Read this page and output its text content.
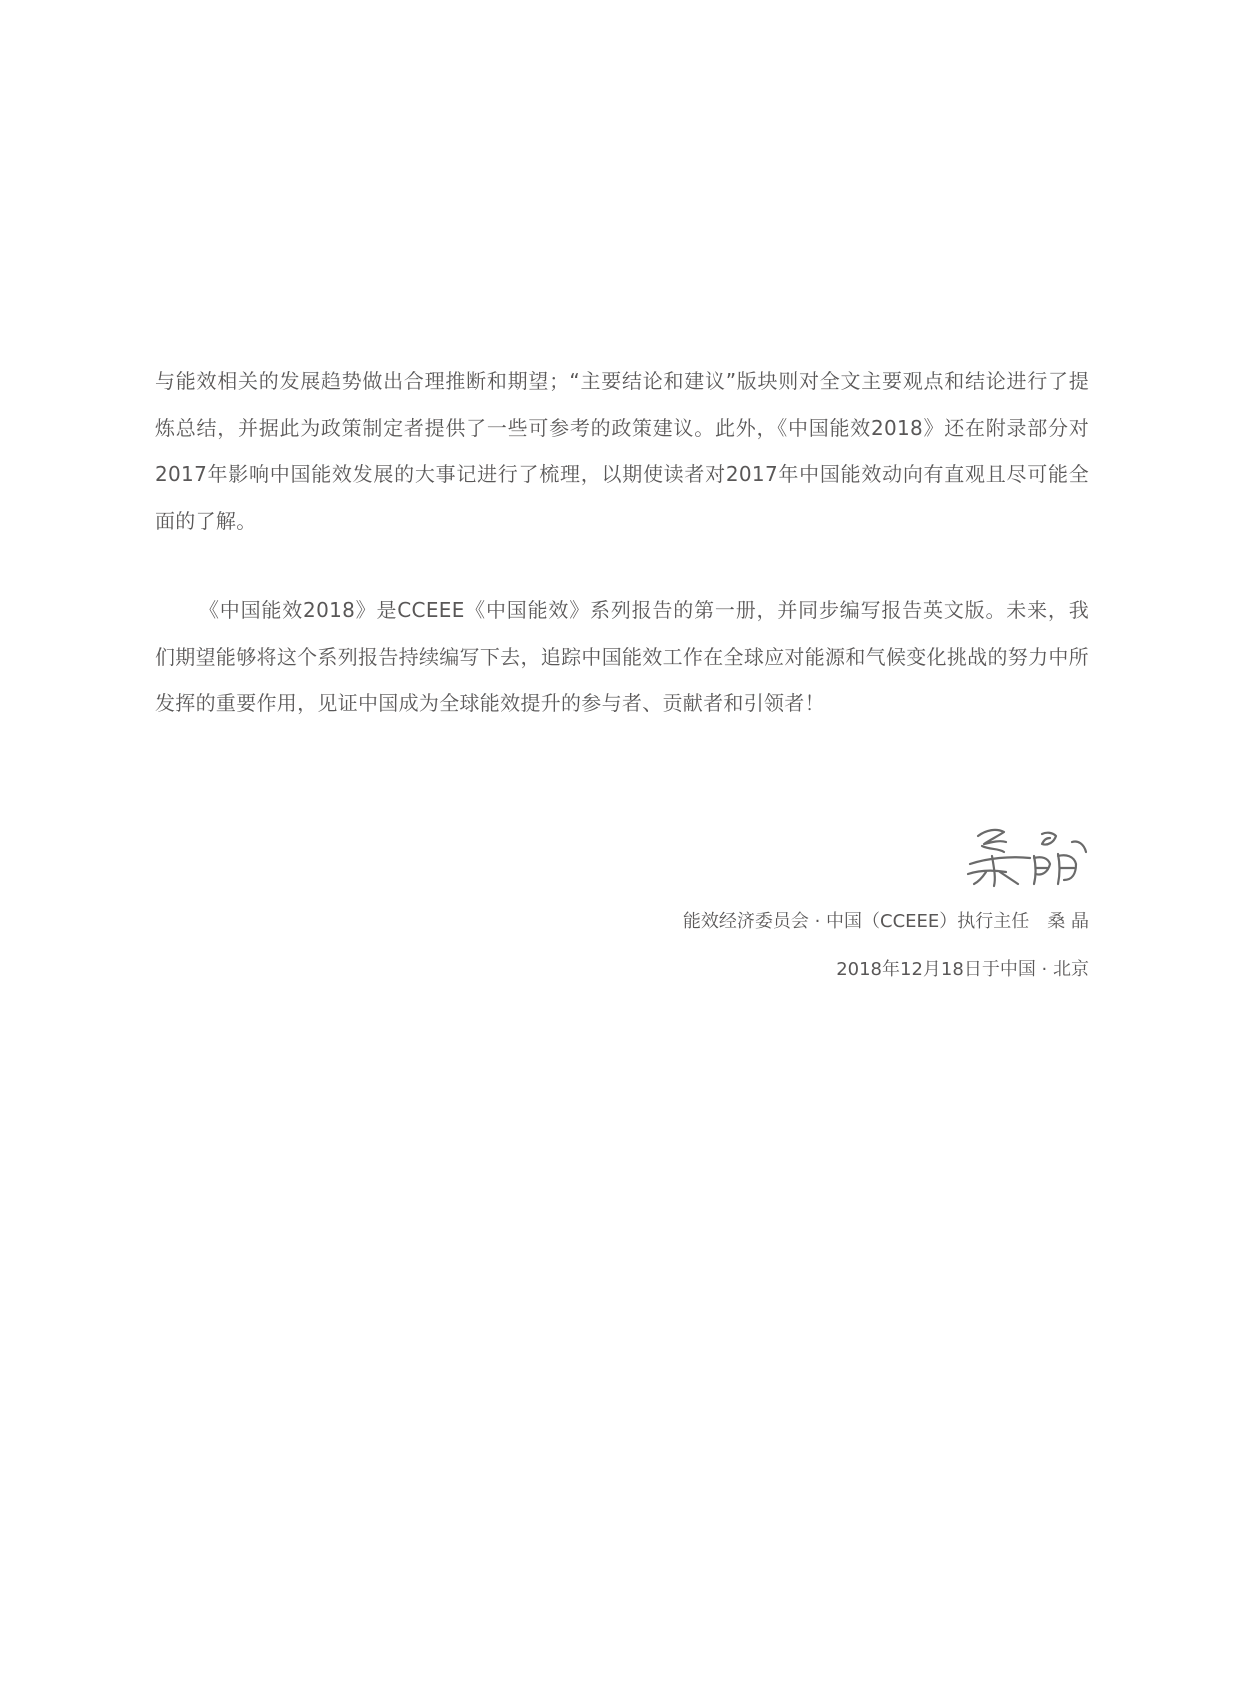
与能效相关的发展趋势做出合理推断和期望；“主要结论和建议”版块则对全文主要观点和结论进行了提炼总结，并据此为政策制定者提供了一些可参考的政策建议。此外，《中国能效2018》还在附录部分对2017年影响中国能效发展的大事记进行了梳理，以期使读者对2017年中国能效动向有直观且尽可能全面的了解。

《中国能效2018》是CCEEE《中国能效》系列报告的第一册，并同步编写报告英文版。未来，我们期望能够将这个系列报告持续编写下去，追踪中国能效工作在全球应对能源和气候变化挑战的努力中所发挥的重要作用，见证中国成为全球能效提升的参与者、贡献者和引领者！

能效经济委员会 · 中国（CCEEE）执行主任　桑 晶
2018年12月18日于中国 · 北京
